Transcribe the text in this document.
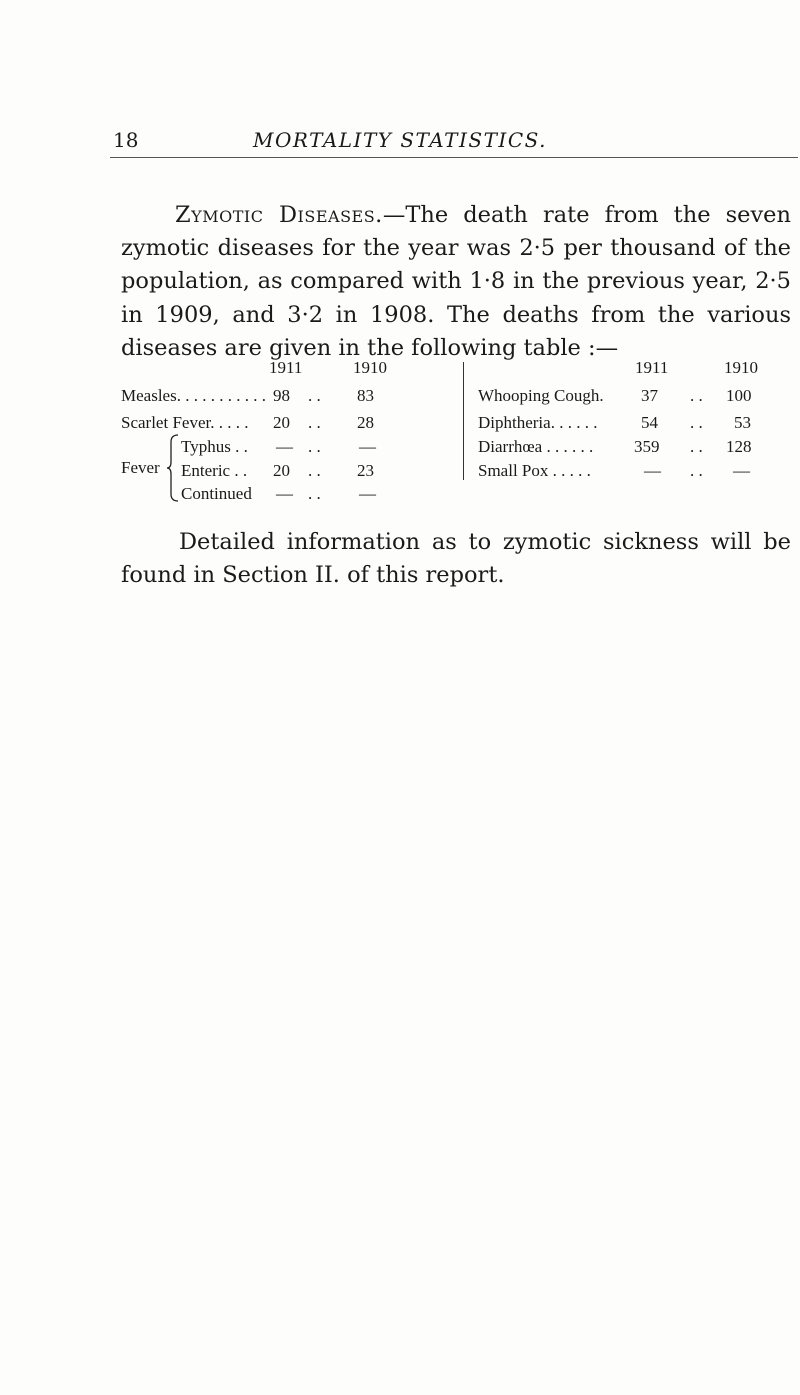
18	MORTALITY STATISTICS.

Zymotic Diseases.—The death rate from the seven zymotic diseases for the year was 2·5 per thousand of the population, as compared with 1·8 in the previous year, 2·5 in 1909, and 3·2 in 1908. The deaths from the various diseases are given in the following table :—

1911	1910
Measles. . . . . . . . . . . 98 . . 83
Scarlet Fever. . . . . 20 . . 28
Fever
Typhus . . — . . —
Enteric . . 20 . . 23
Continued — . . —
1911	1910
Whooping Cough. 37 . . 100
Diphtheria. . . . . .	54 . . 53
Diarrhœa . . . . . . 359 . . 128
Small Pox . . . . .	— . . —

Detailed information as to zymotic sickness will be found in Section II. of this report.
